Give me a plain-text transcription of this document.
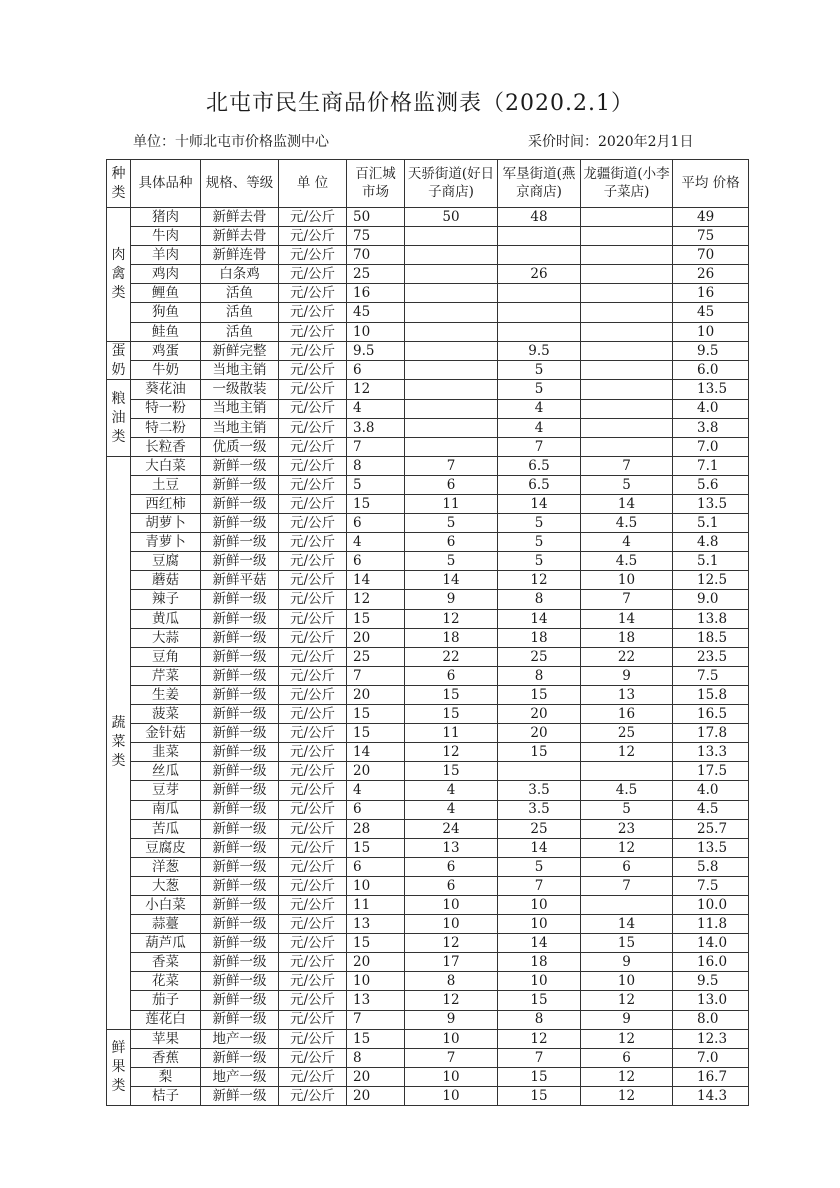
北屯市民生商品价格监测表（2020.2.1）
单位：十师北屯市价格监测中心	采价时间：2020年2月1日
种类	具体品种	规格、等级	单 位	百汇城市场	天骄街道(好日子商店)	军垦街道(燕京商店)	龙疆街道(小李子菜店)	平均 价格
肉禽类	猪肉	新鲜去骨	元/公斤	50	50	48		49
	牛肉	新鲜去骨	元/公斤	75				75
	羊肉	新鲜连骨	元/公斤	70				70
	鸡肉	白条鸡	元/公斤	25		26		26
	鲤鱼	活鱼	元/公斤	16				16
	狗鱼	活鱼	元/公斤	45				45
	鲑鱼	活鱼	元/公斤	10				10
蛋奶	鸡蛋	新鲜完整	元/公斤	9.5		9.5		9.5
	牛奶	当地主销	元/公斤	6		5		6.0
粮油类	葵花油	一级散装	元/公斤	12		5		13.5
	特一粉	当地主销	元/公斤	4		4		4.0
	特二粉	当地主销	元/公斤	3.8		4		3.8
	长粒香	优质一级	元/公斤	7		7		7.0
蔬菜类	大白菜	新鲜一级	元/公斤	8	7	6.5	7	7.1
	土豆	新鲜一级	元/公斤	5	6	6.5	5	5.6
	西红柿	新鲜一级	元/公斤	15	11	14	14	13.5
	胡萝卜	新鲜一级	元/公斤	6	5	5	4.5	5.1
	青萝卜	新鲜一级	元/公斤	4	6	5	4	4.8
	豆腐	新鲜一级	元/公斤	6	5	5	4.5	5.1
	蘑菇	新鲜平菇	元/公斤	14	14	12	10	12.5
	辣子	新鲜一级	元/公斤	12	9	8	7	9.0
	黄瓜	新鲜一级	元/公斤	15	12	14	14	13.8
	大蒜	新鲜一级	元/公斤	20	18	18	18	18.5
	豆角	新鲜一级	元/公斤	25	22	25	22	23.5
	芹菜	新鲜一级	元/公斤	7	6	8	9	7.5
	生姜	新鲜一级	元/公斤	20	15	15	13	15.8
	菠菜	新鲜一级	元/公斤	15	15	20	16	16.5
	金针菇	新鲜一级	元/公斤	15	11	20	25	17.8
	韭菜	新鲜一级	元/公斤	14	12	15	12	13.3
	丝瓜	新鲜一级	元/公斤	20	15			17.5
	豆芽	新鲜一级	元/公斤	4	4	3.5	4.5	4.0
	南瓜	新鲜一级	元/公斤	6	4	3.5	5	4.5
	苦瓜	新鲜一级	元/公斤	28	24	25	23	25.7
	豆腐皮	新鲜一级	元/公斤	15	13	14	12	13.5
	洋葱	新鲜一级	元/公斤	6	6	5	6	5.8
	大葱	新鲜一级	元/公斤	10	6	7	7	7.5
	小白菜	新鲜一级	元/公斤	11	10	10		10.0
	蒜薹	新鲜一级	元/公斤	13	10	10	14	11.8
	葫芦瓜	新鲜一级	元/公斤	15	12	14	15	14.0
	香菜	新鲜一级	元/公斤	20	17	18	9	16.0
	花菜	新鲜一级	元/公斤	10	8	10	10	9.5
	茄子	新鲜一级	元/公斤	13	12	15	12	13.0
	莲花白	新鲜一级	元/公斤	7	9	8	9	8.0
鲜果类	苹果	地产一级	元/公斤	15	10	12	12	12.3
	香蕉	新鲜一级	元/公斤	8	7	7	6	7.0
	梨	地产一级	元/公斤	20	10	15	12	16.7
	桔子	新鲜一级	元/公斤	20	10	15	12	14.3
